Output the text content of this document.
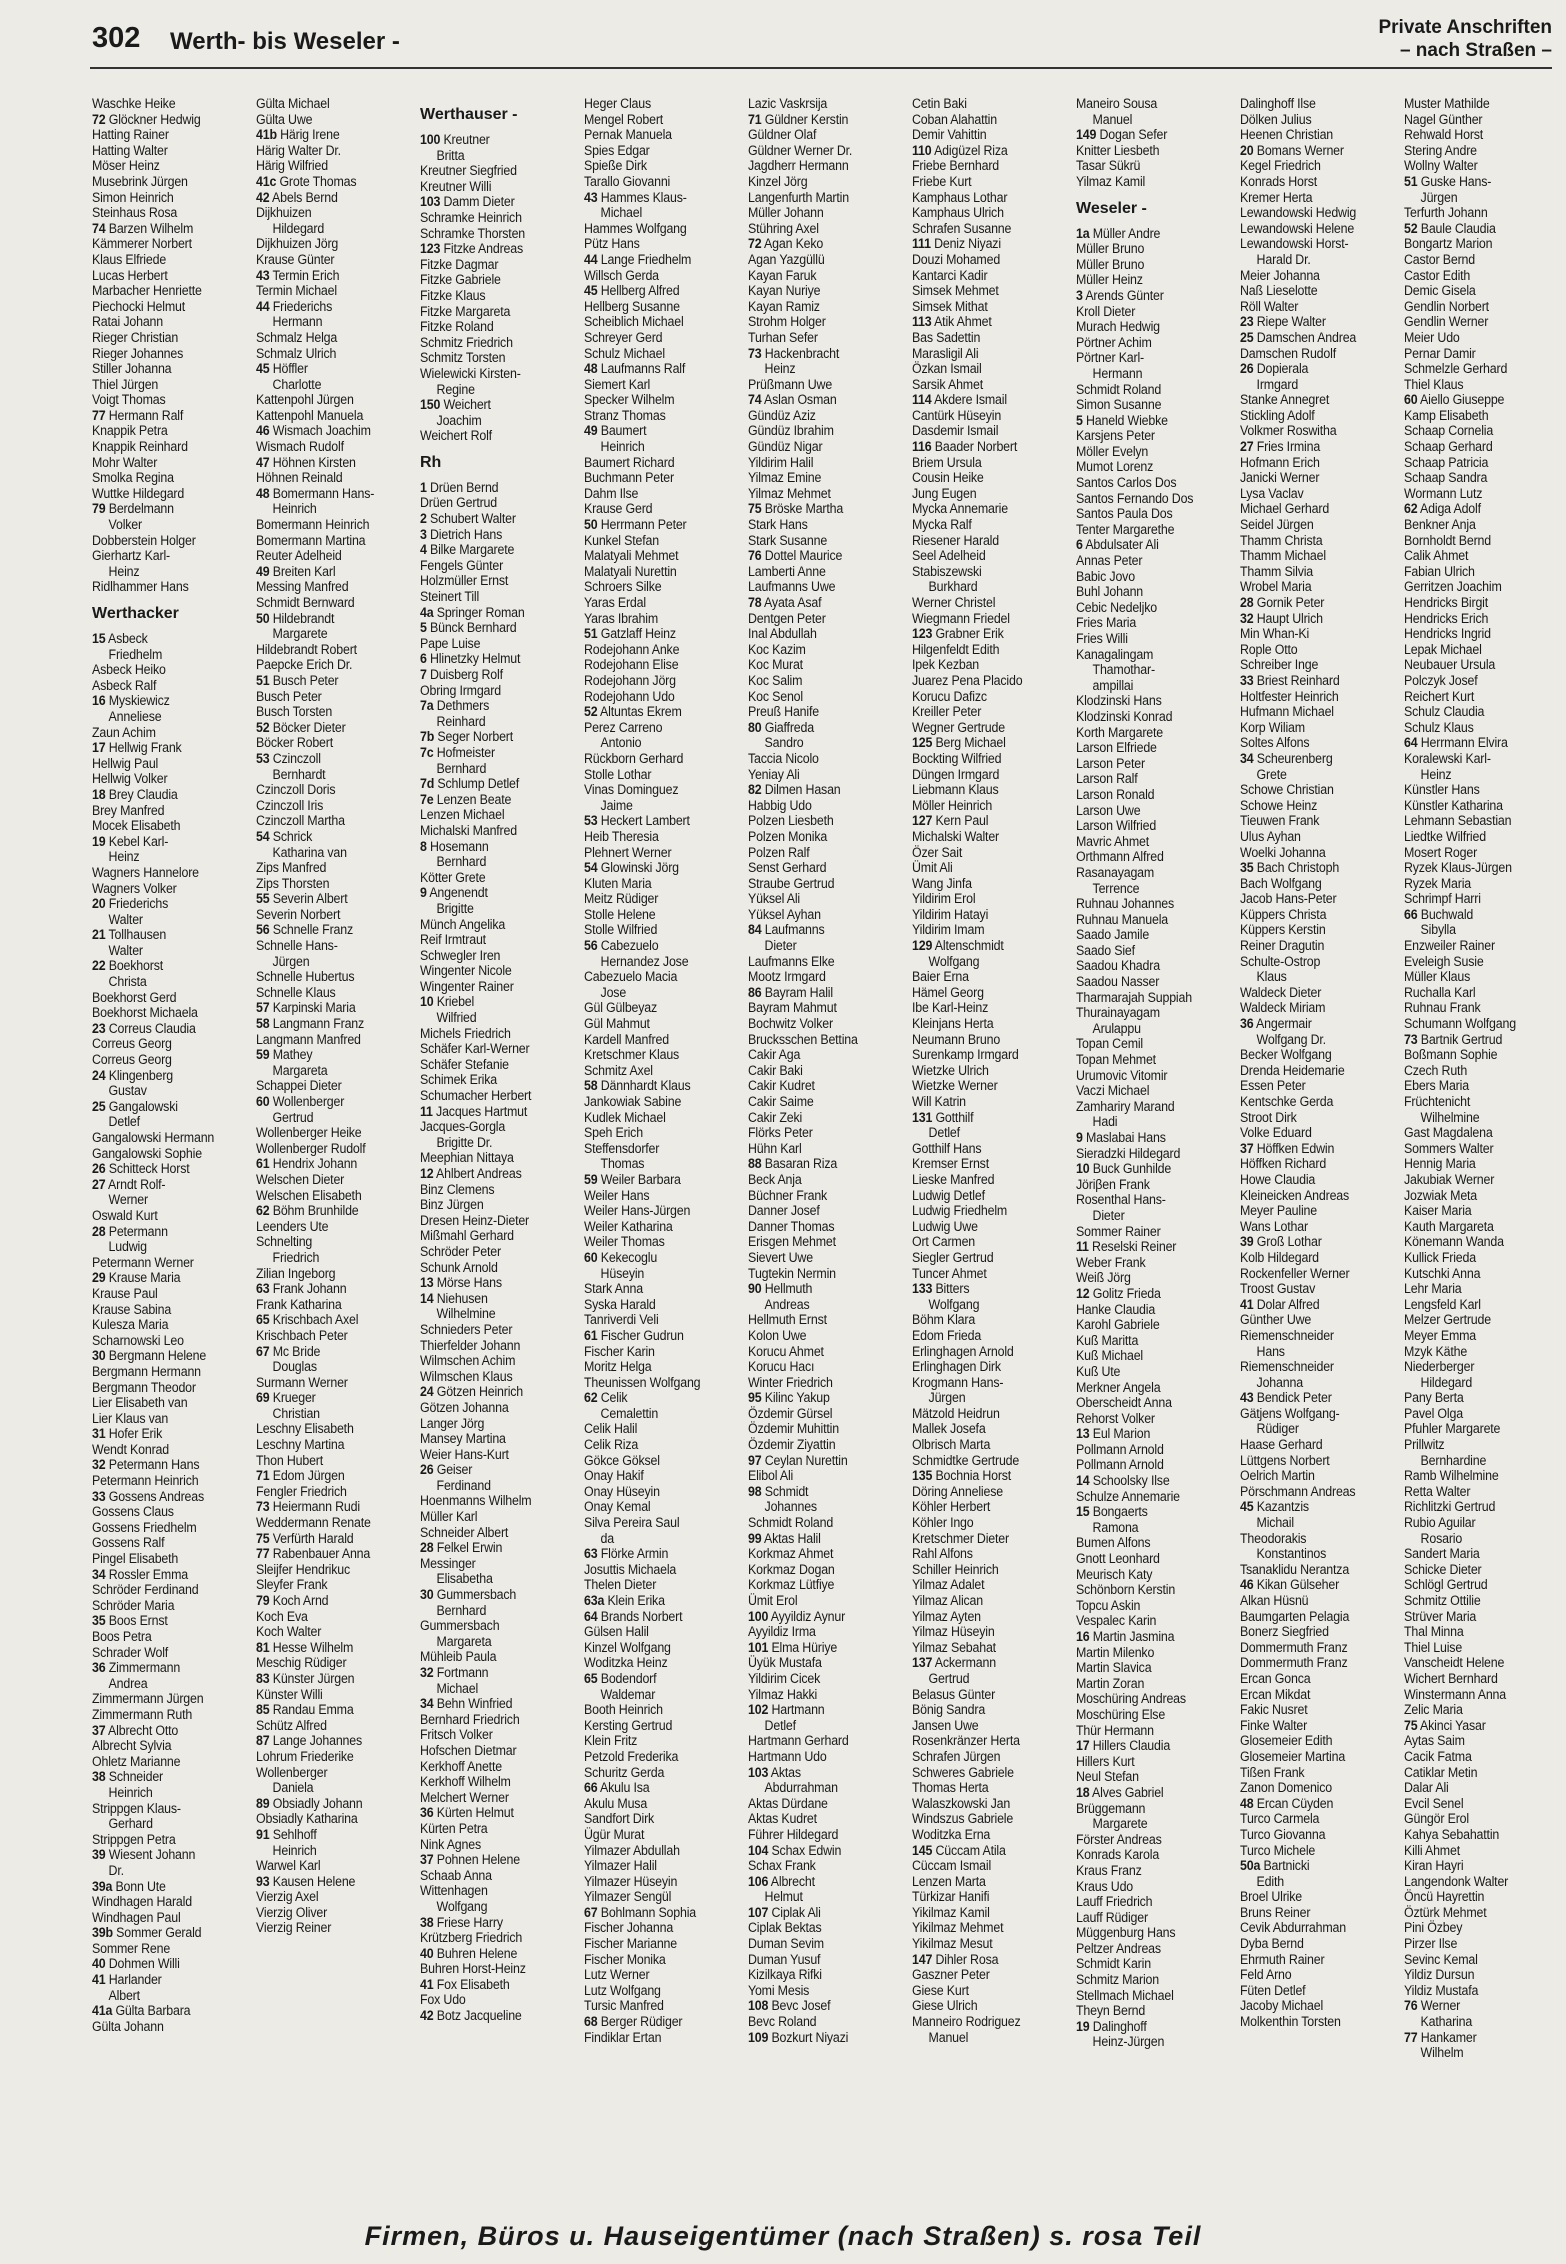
302 Werth- bis Weseler -
Private Anschriften
– nach Straßen –
Waschke Heike
72 Glöckner Hedwig
Hatting Rainer
Hatting Walter
Möser Heinz
Musebrink Jürgen
Simon Heinrich
Steinhaus Rosa
74 Barzen Wilhelm
Kämmerer Norbert
Klaus Elfriede
Lucas Herbert
Marbacher Henriette
Piechocki Helmut
Ratai Johann
Rieger Christian
Rieger Johannes
Stiller Johanna
Thiel Jürgen
Voigt Thomas
77 Hermann Ralf
Knappik Petra
Knappik Reinhard
Mohr Walter
Smolka Regina
Wuttke Hildegard
79 Berdelmann
Volker
Dobberstein Holger
Gierhartz Karl-
Heinz
Ridlhammer Hans
Werthacker
15 Asbeck
Friedhelm
Asbeck Heiko
Asbeck Ralf
16 Myskiewicz
Anneliese
Zaun Achim
17 Hellwig Frank
Hellwig Paul
Hellwig Volker
18 Brey Claudia
Brey Manfred
Mocek Elisabeth
19 Kebel Karl-
Heinz
Wagners Hannelore
Wagners Volker
20 Friederichs
Walter
21 Tollhausen
Walter
22 Boekhorst
Christa
Boekhorst Gerd
Boekhorst Michaela
23 Correus Claudia
Correus Georg
Correus Georg
24 Klingenberg
Gustav
25 Gangalowski
Detlef
Gangalowski Hermann
Gangalowski Sophie
26 Schitteck Horst
27 Arndt Rolf-
Werner
Oswald Kurt
28 Petermann
Ludwig
Petermann Werner
29 Krause Maria
Krause Paul
Krause Sabina
Kulesza Maria
Scharnowski Leo
30 Bergmann Helene
Bergmann Hermann
Bergmann Theodor
Lier Elisabeth van
Lier Klaus van
31 Hofer Erik
Wendt Konrad
32 Petermann Hans
Petermann Heinrich
33 Gossens Andreas
Gossens Claus
Gossens Friedhelm
Gossens Ralf
Pingel Elisabeth
34 Rossler Emma
Schröder Ferdinand
Schröder Maria
35 Boos Ernst
Boos Petra
Schrader Wolf
36 Zimmermann
Andrea
Zimmermann Jürgen
Zimmermann Ruth
37 Albrecht Otto
Albrecht Sylvia
Ohletz Marianne
38 Schneider
Heinrich
Strippgen Klaus-
Gerhard
Strippgen Petra
39 Wiesent Johann
Dr.
39a Bonn Ute
Windhagen Harald
Windhagen Paul
39b Sommer Gerald
Sommer Rene
40 Dohmen Willi
41 Harlander
Albert
41a Gülta Barbara
Gülta Johann
Gülta Michael
Gülta Uwe
41b Härig Irene
Härig Walter Dr.
Härig Wilfried
41c Grote Thomas
42 Abels Bernd
Dijkhuizen
Hildegard
Dijkhuizen Jörg
Krause Günter
43 Termin Erich
Termin Michael
44 Friederichs
Hermann
Schmalz Helga
Schmalz Ulrich
45 Höffler
Charlotte
Kattenpohl Jürgen
Kattenpohl Manuela
46 Wismach Joachim
Wismach Rudolf
47 Höhnen Kirsten
Höhnen Reinald
48 Bomermann Hans-
Heinrich
Bomermann Heinrich
Bomermann Martina
Reuter Adelheid
49 Breiten Karl
Messing Manfred
Schmidt Bernward
50 Hildebrandt
Margarete
Hildebrandt Robert
Paepcke Erich Dr.
51 Busch Peter
Busch Peter
Busch Torsten
52 Böcker Dieter
Böcker Robert
53 Czinczoll
Bernhardt
Czinczoll Doris
Czinczoll Iris
Czinczoll Martha
54 Schrick
Katharina van
Zips Manfred
Zips Thorsten
55 Severin Albert
Severin Norbert
56 Schnelle Franz
Schnelle Hans-
Jürgen
Schnelle Hubertus
Schnelle Klaus
57 Karpinski Maria
58 Langmann Franz
Langmann Manfred
59 Mathey
Margareta
Schappei Dieter
60 Wollenberger
Gertrud
Wollenberger Heike
Wollenberger Rudolf
61 Hendrix Johann
Welschen Dieter
Welschen Elisabeth
62 Böhm Brunhilde
Leenders Ute
Schnelting
Friedrich
Zilian Ingeborg
63 Frank Johann
Frank Katharina
65 Krischbach Axel
Krischbach Peter
67 Mc Bride
Douglas
Surmann Werner
69 Krueger
Christian
Leschny Elisabeth
Leschny Martina
Thon Hubert
71 Edom Jürgen
Fengler Friedrich
73 Heiermann Rudi
Weddermann Renate
75 Verfürth Harald
77 Rabenbauer Anna
Sleijfer Hendrikuc
Sleyfer Frank
79 Koch Arnd
Koch Eva
Koch Walter
81 Hesse Wilhelm
Meschig Rüdiger
83 Künster Jürgen
Künster Willi
85 Randau Emma
Schütz Alfred
87 Lange Johannes
Lohrum Friederike
Wollenberger
Daniela
89 Obsiadly Johann
Obsiadly Katharina
91 Sehlhoff
Heinrich
Warwel Karl
93 Kausen Helene
Vierzig Axel
Vierzig Oliver
Vierzig Reiner
Werthauser -
100 Kreutner
Britta
Kreutner Siegfried
Kreutner Willi
103 Damm Dieter
Schramke Heinrich
Schramke Thorsten
123 Fitzke Andreas
Fitzke Dagmar
Fitzke Gabriele
Fitzke Klaus
Fitzke Margareta
Fitzke Roland
Schmitz Friedrich
Schmitz Torsten
Wielewicki Kirsten-
Regine
150 Weichert
Joachim
Weichert Rolf
Rh
1 Drüen Bernd
Drüen Gertrud
2 Schubert Walter
3 Dietrich Hans
4 Bilke Margarete
Fengels Günter
Holzmüller Ernst
Steinert Till
4a Springer Roman
5 Bünck Bernhard
Pape Luise
6 Hlinetzky Helmut
7 Duisberg Rolf
Obring Irmgard
7a Dethmers
Reinhard
7b Seger Norbert
7c Hofmeister
Bernhard
7d Schlump Detlef
7e Lenzen Beate
Lenzen Michael
Michalski Manfred
8 Hosemann
Bernhard
Kötter Grete
9 Angenendt
Brigitte
Münch Angelika
Reif Irmtraut
Schwegler Iren
Wingenter Nicole
Wingenter Rainer
10 Kriebel
Wilfried
Michels Friedrich
Schäfer Karl-Werner
Schäfer Stefanie
Schimek Erika
Schumacher Herbert
11 Jacques Hartmut
Jacques-Gorgla
Brigitte Dr.
Meephian Nittaya
12 Ahlbert Andreas
Binz Clemens
Binz Jürgen
Dresen Heinz-Dieter
Mißmahl Gerhard
Schröder Peter
Schunk Arnold
13 Mörse Hans
14 Niehusen
Wilhelmine
Schnieders Peter
Thierfelder Johann
Wilmschen Achim
Wilmschen Klaus
24 Götzen Heinrich
Götzen Johanna
Langer Jörg
Mansey Martina
Weier Hans-Kurt
26 Geiser
Ferdinand
Hoenmanns Wilhelm
Müller Karl
Schneider Albert
28 Felkel Erwin
Messinger
Elisabetha
30 Gummersbach
Bernhard
Gummersbach
Margareta
Mühleib Paula
32 Fortmann
Michael
34 Behn Winfried
Bernhard Friedrich
Fritsch Volker
Hofschen Dietmar
Kerkhoff Anette
Kerkhoff Wilhelm
Melchert Werner
36 Kürten Helmut
Kürten Petra
Nink Agnes
37 Pohnen Helene
Schaab Anna
Wittenhagen
Wolfgang
38 Friese Harry
Krützberg Friedrich
40 Buhren Helene
Buhren Horst-Heinz
41 Fox Elisabeth
Fox Udo
42 Botz Jacqueline
Heger Claus
Mengel Robert
Pernak Manuela
Spies Edgar
Spieße Dirk
Tarallo Giovanni
43 Hammes Klaus-
Michael
Hammes Wolfgang
Pütz Hans
44 Lange Friedhelm
Willsch Gerda
45 Hellberg Alfred
Hellberg Susanne
Scheiblich Michael
Schreyer Gerd
Schulz Michael
48 Laufmanns Ralf
Siemert Karl
Specker Wilhelm
Stranz Thomas
49 Baumert
Heinrich
Baumert Richard
Buchmann Peter
Dahm Ilse
Krause Gerd
50 Herrmann Peter
Kunkel Stefan
Malatyali Mehmet
Malatyali Nurettin
Schroers Silke
Yaras Erdal
Yaras Ibrahim
51 Gatzlaff Heinz
Rodejohann Anke
Rodejohann Elise
Rodejohann Jörg
Rodejohann Udo
52 Altuntas Ekrem
Perez Carreno
Antonio
Rückborn Gerhard
Stolle Lothar
Vinas Dominguez
Jaime
53 Heckert Lambert
Heib Theresia
Plehnert Werner
54 Glowinski Jörg
Kluten Maria
Meitz Rüdiger
Stolle Helene
Stolle Wilfried
56 Cabezuelo
Hernandez Jose
Cabezuelo Macia
Jose
Gül Gülbeyaz
Gül Mahmut
Kardell Manfred
Kretschmer Klaus
Schmitz Axel
58 Dännhardt Klaus
Jankowiak Sabine
Kudlek Michael
Speh Erich
Steffensdorfer
Thomas
59 Weiler Barbara
Weiler Hans
Weiler Hans-Jürgen
Weiler Katharina
Weiler Thomas
60 Kekecoglu
Hüseyin
Stark Anna
Syska Harald
Tanriverdi Veli
61 Fischer Gudrun
Fischer Karin
Moritz Helga
Theunissen Wolfgang
62 Celik
Cemalettin
Celik Halil
Celik Riza
Gökce Göksel
Onay Hakif
Onay Hüseyin
Onay Kemal
Silva Pereira Saul
da
63 Flörke Armin
Josuttis Michaela
Thelen Dieter
63a Klein Erika
64 Brands Norbert
Gülsen Halil
Kinzel Wolfgang
Woditzka Heinz
65 Bodendorf
Waldemar
Booth Heinrich
Kersting Gertrud
Klein Fritz
Petzold Frederika
Schuritz Gerda
66 Akulu Isa
Akulu Musa
Sandfort Dirk
Ügür Murat
Yilmazer Abdullah
Yilmazer Halil
Yilmazer Hüseyin
Yilmazer Sengül
67 Bohlmann Sophia
Fischer Johanna
Fischer Marianne
Fischer Monika
Lutz Werner
Lutz Wolfgang
Tursic Manfred
68 Berger Rüdiger
Findiklar Ertan
Lazic Vaskrsija
71 Güldner Kerstin
Güldner Olaf
Güldner Werner Dr.
Jagdherr Hermann
Kinzel Jörg
Langenfurth Martin
Müller Johann
Stühring Axel
72 Agan Keko
Agan Yazgüllü
Kayan Faruk
Kayan Nuriye
Kayan Ramiz
Strohm Holger
Turhan Sefer
73 Hackenbracht
Heinz
Prüßmann Uwe
74 Aslan Osman
Gündüz Aziz
Gündüz Ibrahim
Gündüz Nigar
Yildirim Halil
Yilmaz Emine
Yilmaz Mehmet
75 Bröske Martha
Stark Hans
Stark Susanne
76 Dottel Maurice
Lamberti Anne
Laufmanns Uwe
78 Ayata Asaf
Dentgen Peter
Inal Abdullah
Koc Kazim
Koc Murat
Koc Salim
Koc Senol
Preuß Hanife
80 Giaffreda
Sandro
Taccia Nicolo
Yeniay Ali
82 Dilmen Hasan
Habbig Udo
Polzen Liesbeth
Polzen Monika
Polzen Ralf
Senst Gerhard
Straube Gertrud
Yüksel Ali
Yüksel Ayhan
84 Laufmanns
Dieter
Laufmanns Elke
Mootz Irmgard
86 Bayram Halil
Bayram Mahmut
Bochwitz Volker
Brucksschen Bettina
Cakir Aga
Cakir Baki
Cakir Kudret
Cakir Saime
Cakir Zeki
Flörks Peter
Hühn Karl
88 Basaran Riza
Beck Anja
Büchner Frank
Danner Josef
Danner Thomas
Erisgen Mehmet
Sievert Uwe
Tugtekin Nermin
90 Hellmuth
Andreas
Hellmuth Ernst
Kolon Uwe
Korucu Ahmet
Korucu Hacı
Winter Friedrich
95 Kilinc Yakup
Özdemir Gürsel
Özdemir Muhittin
Özdemir Ziyattin
97 Ceylan Nurettin
Elibol Ali
98 Schmidt
Johannes
Schmidt Roland
99 Aktas Halil
Korkmaz Ahmet
Korkmaz Dogan
Korkmaz Lütfiye
Ümit Erol
100 Ayyildiz Aynur
Ayyildiz Irma
101 Elma Hüriye
Üyük Mustafa
Yildirim Cicek
Yilmaz Hakki
102 Hartmann
Detlef
Hartmann Gerhard
Hartmann Udo
103 Aktas
Abdurrahman
Aktas Dürdane
Aktas Kudret
Führer Hildegard
104 Schax Edwin
Schax Frank
106 Albrecht
Helmut
107 Ciplak Ali
Ciplak Bektas
Duman Sevim
Duman Yusuf
Kizilkaya Rifki
Yomi Mesis
108 Bevc Josef
Bevc Roland
109 Bozkurt Niyazi
Cetin Baki
Coban Alahattin
Demir Vahittin
110 Adigüzel Riza
Friebe Bernhard
Friebe Kurt
Kamphaus Lothar
Kamphaus Ulrich
Schrafen Susanne
111 Deniz Niyazi
Douzi Mohamed
Kantarci Kadir
Simsek Mehmet
Simsek Mithat
113 Atik Ahmet
Bas Sadettin
Marasligil Ali
Özkan Ismail
Sarsik Ahmet
114 Akdere Ismail
Cantürk Hüseyin
Dasdemir Ismail
116 Baader Norbert
Briem Ursula
Cousin Heike
Jung Eugen
Mycka Annemarie
Mycka Ralf
Riesener Harald
Seel Adelheid
Stabiszewski
Burkhard
Werner Christel
Wiegmann Friedel
123 Grabner Erik
Hilgenfeldt Edith
Ipek Kezban
Juarez Pena Placido
Korucu Dafizc
Kreiller Peter
Wegner Gertrude
125 Berg Michael
Bockting Wilfried
Düngen Irmgard
Liebmann Klaus
Möller Heinrich
127 Kern Paul
Michalski Walter
Özer Sait
Ümit Ali
Wang Jinfa
Yildirim Erol
Yildirim Hatayi
Yildirim Imam
129 Altenschmidt
Wolfgang
Baier Erna
Hämel Georg
Ibe Karl-Heinz
Kleinjans Herta
Neumann Bruno
Surenkamp Irmgard
Wietzke Ulrich
Wietzke Werner
Will Katrin
131 Gotthilf
Detlef
Gotthilf Hans
Kremser Ernst
Lieske Manfred
Ludwig Detlef
Ludwig Friedhelm
Ludwig Uwe
Ort Carmen
Siegler Gertrud
Tuncer Ahmet
133 Bitters
Wolfgang
Böhm Klara
Edom Frieda
Erlinghagen Arnold
Erlinghagen Dirk
Krogmann Hans-
Jürgen
Mätzold Heidrun
Mallek Josefa
Olbrisch Marta
Schmidtke Gertrude
135 Bochnia Horst
Döring Anneliese
Köhler Herbert
Köhler Ingo
Kretschmer Dieter
Rahl Alfons
Schiller Heinrich
Yilmaz Adalet
Yilmaz Alican
Yilmaz Ayten
Yilmaz Hüseyin
Yilmaz Sebahat
137 Ackermann
Gertrud
Belasus Günter
Bönig Sandra
Jansen Uwe
Rosenkränzer Herta
Schrafen Jürgen
Schweres Gabriele
Thomas Herta
Walaszkowski Jan
Windszus Gabriele
Woditzka Erna
145 Cüccam Atila
Cüccam Ismail
Lenzen Marta
Türkizar Hanifi
Yikilmaz Kamil
Yikilmaz Mehmet
Yikilmaz Mesut
147 Dihler Rosa
Gaszner Peter
Giese Kurt
Giese Ulrich
Manneiro Rodriguez
Manuel
Maneiro Sousa
Manuel
149 Dogan Sefer
Knitter Liesbeth
Tasar Sükrü
Yilmaz Kamil
Weseler -
1a Müller Andre
Müller Bruno
Müller Bruno
Müller Heinz
3 Arends Günter
Kroll Dieter
Murach Hedwig
Pörtner Achim
Pörtner Karl-
Hermann
Schmidt Roland
Simon Susanne
5 Haneld Wiebke
Karsjens Peter
Möller Evelyn
Mumot Lorenz
Santos Carlos Dos
Santos Fernando Dos
Santos Paula Dos
Tenter Margarethe
6 Abdulsater Ali
Annas Peter
Babic Jovo
Buhl Johann
Cebic Nedeljko
Fries Maria
Fries Willi
Kanagalingam
Thamothar-
ampillai
Klodzinski Hans
Klodzinski Konrad
Korth Margarete
Larson Elfriede
Larson Peter
Larson Ralf
Larson Ronald
Larson Uwe
Larson Wilfried
Mavric Ahmet
Orthmann Alfred
Rasanayagam
Terrence
Ruhnau Johannes
Ruhnau Manuela
Saado Jamile
Saado Sief
Saadou Khadra
Saadou Nasser
Tharmarajah Suppiah
Thurainayagam
Arulappu
Topan Cemil
Topan Mehmet
Urumovic Vitomir
Vaczi Michael
Zamhariry Marand
Hadi
9 Maslabai Hans
Sieradzki Hildegard
10 Buck Gunhilde
Jöriβen Frank
Rosenthal Hans-
Dieter
Sommer Rainer
11 Reselski Reiner
Weber Frank
Weiß Jörg
12 Golitz Frieda
Hanke Claudia
Karohl Gabriele
Kuß Maritta
Kuß Michael
Kuß Ute
Merkner Angela
Oberscheidt Anna
Rehorst Volker
13 Eul Marion
Pollmann Arnold
Pollmann Arnold
14 Schoolsky Ilse
Schulze Annemarie
15 Bongaerts
Ramona
Bumen Alfons
Gnott Leonhard
Meurisch Katy
Schönborn Kerstin
Topcu Askin
Vespalec Karin
16 Martin Jasmina
Martin Milenko
Martin Slavica
Martin Zoran
Moschüring Andreas
Moschüring Else
Thür Hermann
17 Hillers Claudia
Hillers Kurt
Neul Stefan
18 Alves Gabriel
Brüggemann
Margarete
Förster Andreas
Konrads Karola
Kraus Franz
Kraus Udo
Lauff Friedrich
Lauff Rüdiger
Müggenburg Hans
Peltzer Andreas
Schmidt Karin
Schmitz Marion
Stellmach Michael
Theyn Bernd
19 Dalinghoff
Heinz-Jürgen
Dalinghoff Ilse
Dölken Julius
Heenen Christian
20 Bomans Werner
Kegel Friedrich
Konrads Horst
Kremer Herta
Lewandowski Hedwig
Lewandowski Helene
Lewandowski Horst-
Harald Dr.
Meier Johanna
Naß Lieselotte
Röll Walter
23 Riepe Walter
25 Damschen Andrea
Damschen Rudolf
26 Dopierala
Irmgard
Stanke Annegret
Stickling Adolf
Volkmer Roswitha
27 Fries Irmina
Hofmann Erich
Janicki Werner
Lysa Vaclav
Michael Gerhard
Seidel Jürgen
Thamm Christa
Thamm Michael
Thamm Silvia
Wrobel Maria
28 Gornik Peter
32 Haupt Ulrich
Min Whan-Ki
Rople Otto
Schreiber Inge
33 Briest Reinhard
Holtfester Heinrich
Hufmann Michael
Korp Wiliam
Soltes Alfons
34 Scheurenberg
Grete
Schowe Christian
Schowe Heinz
Tieuwen Frank
Ulus Ayhan
Woelki Johanna
35 Bach Christoph
Bach Wolfgang
Jacob Hans-Peter
Küppers Christa
Küppers Kerstin
Reiner Dragutin
Schulte-Ostrop
Klaus
Waldeck Dieter
Waldeck Miriam
36 Angermair
Wolfgang Dr.
Becker Wolfgang
Drenda Heidemarie
Essen Peter
Kentschke Gerda
Stroot Dirk
Volke Eduard
37 Höffken Edwin
Höffken Richard
Howe Claudia
Kleineicken Andreas
Meyer Pauline
Wans Lothar
39 Groß Lothar
Kolb Hildegard
Rockenfeller Werner
Troost Gustav
41 Dolar Alfred
Günther Uwe
Riemenschneider
Hans
Riemenschneider
Johanna
43 Bendick Peter
Gätjens Wolfgang-
Rüdiger
Haase Gerhard
Lüttgens Norbert
Oelrich Martin
Pörschmann Andreas
45 Kazantzis
Michail
Theodorakis
Konstantinos
Tsanaklidu Nerantza
46 Kikan Gülseher
Alkan Hüsnü
Baumgarten Pelagia
Bonerz Siegfried
Dommermuth Franz
Dommermuth Franz
Ercan Gonca
Ercan Mikdat
Fakic Nusret
Finke Walter
Glosemeier Edith
Glosemeier Martina
Tißen Frank
Zanon Domenico
48 Ercan Cüyden
Turco Carmela
Turco Giovanna
Turco Michele
50a Bartnicki
Edith
Broel Ulrike
Bruns Reiner
Cevik Abdurrahman
Dyba Bernd
Ehrmuth Rainer
Feld Arno
Füten Detlef
Jacoby Michael
Molkenthin Torsten
Muster Mathilde
Nagel Günther
Rehwald Horst
Stering Andre
Wollny Walter
51 Guske Hans-
Jürgen
Terfurth Johann
52 Baule Claudia
Bongartz Marion
Castor Bernd
Castor Edith
Demic Gisela
Gendlin Norbert
Gendlin Werner
Meier Udo
Pernar Damir
Schmelzle Gerhard
Thiel Klaus
60 Aiello Giuseppe
Kamp Elisabeth
Schaap Cornelia
Schaap Gerhard
Schaap Patricia
Schaap Sandra
Wormann Lutz
62 Adiga Adolf
Benkner Anja
Bornholdt Bernd
Calik Ahmet
Fabian Ulrich
Gerritzen Joachim
Hendricks Birgit
Hendricks Erich
Hendricks Ingrid
Lepak Michael
Neubauer Ursula
Polczyk Josef
Reichert Kurt
Schulz Claudia
Schulz Klaus
64 Herrmann Elvira
Koralewski Karl-
Heinz
Künstler Hans
Künstler Katharina
Lehmann Sebastian
Liedtke Wilfried
Mosert Roger
Ryzek Klaus-Jürgen
Ryzek Maria
Schrimpf Harri
66 Buchwald
Sibylla
Enzweiler Rainer
Eveleigh Susie
Müller Klaus
Ruchalla Karl
Ruhnau Frank
Schumann Wolfgang
73 Bartnik Gertrud
Boßmann Sophie
Czech Ruth
Ebers Maria
Früchtenicht
Wilhelmine
Gast Magdalena
Sommers Walter
Hennig Maria
Jakubiak Werner
Jozwiak Meta
Kaiser Maria
Kauth Margareta
Könemann Wanda
Kullick Frieda
Kutschki Anna
Lehr Maria
Lengsfeld Karl
Melzer Gertrude
Meyer Emma
Mzyk Käthe
Niederberger
Hildegard
Pany Berta
Pavel Olga
Pfuhler Margarete
Prillwitz
Bernhardine
Ramb Wilhelmine
Retta Walter
Richlitzki Gertrud
Rubio Aguilar
Rosario
Sandert Maria
Schicke Dieter
Schlögl Gertrud
Schmitz Ottilie
Strüver Maria
Thal Minna
Thiel Luise
Vanscheidt Helene
Wichert Bernhard
Winstermann Anna
Zelic Maria
75 Akinci Yasar
Aytas Saim
Cacik Fatma
Catiklar Metin
Dalar Ali
Evcil Senel
Güngör Erol
Kahya Sebahattin
Killi Ahmet
Kiran Hayri
Langendonk Walter
Öncü Hayrettin
Öztürk Mehmet
Pini Özbey
Pirzer Ilse
Sevinc Kemal
Yildiz Dursun
Yildiz Mustafa
76 Werner
Katharina
77 Hankamer
Wilhelm
Firmen, Büros u. Hauseigentümer (nach Straßen) s. rosa Teil
